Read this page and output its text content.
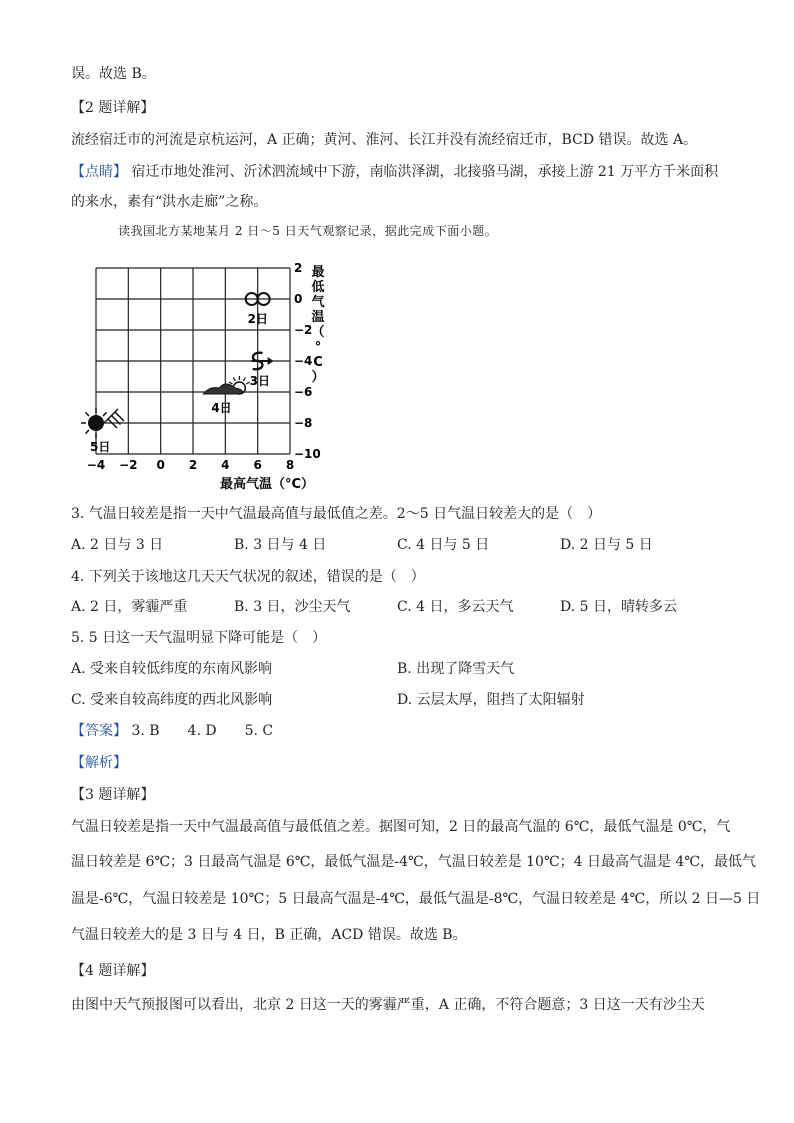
误。故选 B。
【2 题详解】
流经宿迁市的河流是京杭运河，A 正确；黄河、淮河、长江并没有流经宿迁市，BCD 错误。故选 A。
【点睛】 宿迁市地处淮河、沂沭泗流域中下游，南临洪泽湖，北接骆马湖，承接上游 21 万平方千米面积
的来水，素有“洪水走廊”之称。
读我国北方某地某月 2 日～5 日天气观察记录，据此完成下面小题。
−4 −2 0 2 4 6 8
2
0
−2
−4
−6
−8
−10
2日
3日
4日
5日
最高气温（°C）
最
低
气
温
（
°
C
）
3. 气温日较差是指一天中气温最高值与最低值之差。2～5 日气温日较差大的是（　）
A. 2 日与 3 日	B. 3 日与 4 日	C. 4 日与 5 日	D. 2 日与 5 日
4. 下列关于该地这几天天气状况的叙述，错误的是（　）
A. 2 日，雾霾严重	B. 3 日，沙尘天气	C. 4 日，多云天气	D. 5 日，晴转多云
5. 5 日这一天气温明显下降可能是（　）
A. 受来自较低纬度的东南风影响	B. 出现了降雪天气
C. 受来自较高纬度的西北风影响	D. 云层太厚，阻挡了太阳辐射
【答案】 3. B　　4. D　　5. C
【解析】
【3 题详解】
气温日较差是指一天中气温最高值与最低值之差。据图可知，2 日的最高气温的 6℃，最低气温是 0℃，气
温日较差是 6℃；3 日最高气温是 6℃，最低气温是-4℃，气温日较差是 10℃；4 日最高气温是 4℃，最低气
温是-6℃，气温日较差是 10℃；5 日最高气温是-4℃，最低气温是-8℃，气温日较差是 4℃，所以 2 日—5 日
气温日较差大的是 3 日与 4 日，B 正确，ACD 错误。故选 B。
【4 题详解】
由图中天气预报图可以看出，北京 2 日这一天的雾霾严重，A 正确，不符合题意；3 日这一天有沙尘天
